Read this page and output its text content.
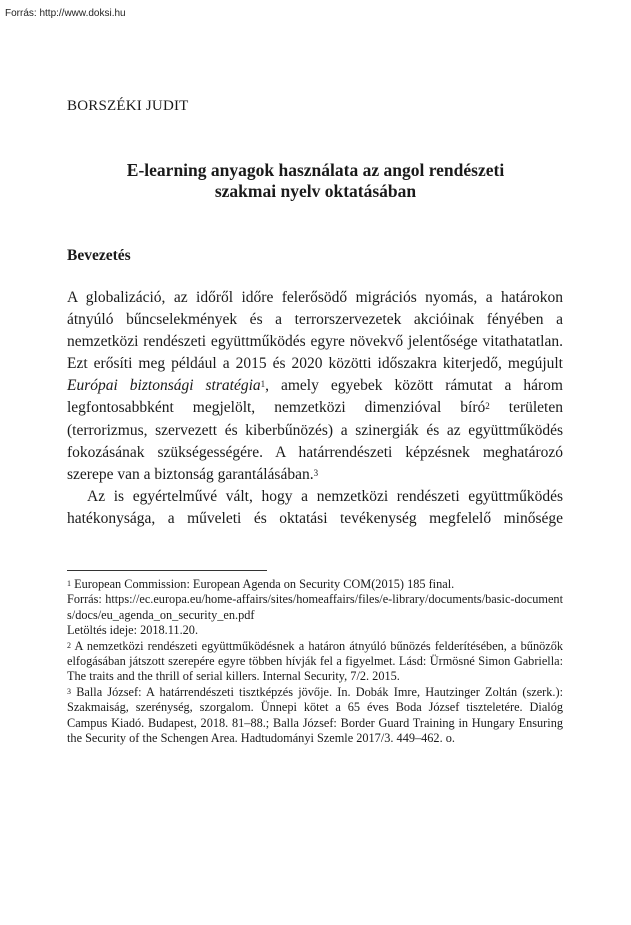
Forrás: http://www.doksi.hu
BORSZÉKI JUDIT
E-learning anyagok használata az angol rendészeti
szakmai nyelv oktatásában
Bevezetés

A globalizáció, az időről időre felerősödő migrációs nyomás, a határokon átnyúló bűncselekmények és a terrorszervezetek akcióinak fényében a nemzetközi rendészeti együttműködés egyre növekvő jelentősége vitathatatlan. Ezt erősíti meg például a 2015 és 2020 közötti időszakra kiterjedő, megújult Európai biztonsági stratégia$^1$, amely egyebek között rámutat a három legfontosabbként megjelölt, nemzetközi dimenzióval bíró$^2$ területen (terrorizmus, szervezett és kiberbűnözés) a szinergiák és az együttműködés fokozásának szükségességére. A határrendészeti képzésnek meghatározó szerepe van a biztonság garantálásában.$^3$

Az is egyértelművé vált, hogy a nemzetközi rendészeti együttműködés hatékonysága, a műveleti és oktatási tevékenység megfelelő minősége

$^1$ European Commission: European Agenda on Security COM(2015) 185 final.

Forrás: https://ec.europa.eu/home-affairs/sites/homeaffairs/files/e-library/documents/basic-documents/docs/eu_agenda_on_security_en.pdf

Letöltés ideje: 2018.11.20.

$^2$ A nemzetközi rendészeti együttműködésnek a határon átnyúló bűnözés felderítésében, a bűnözők elfogásában játszott szerepére egyre többen hívják fel a figyelmet. Lásd: Ürmösné Simon Gabriella: The traits and the thrill of serial killers. Internal Security, 7/2. 2015.

$^3$ Balla József: A határrendészeti tisztképzés jövője. In. Dobák Imre, Hautzinger Zoltán (szerk.): Szakmaiság, szerénység, szorgalom. Ünnepi kötet a 65 éves Boda József tiszteletére. Dialóg Campus Kiadó. Budapest, 2018. 81–88.; Balla József: Border Guard Training in Hungary Ensuring the Security of the Schengen Area. Hadtudományi Szemle 2017/3. 449–462. o.
